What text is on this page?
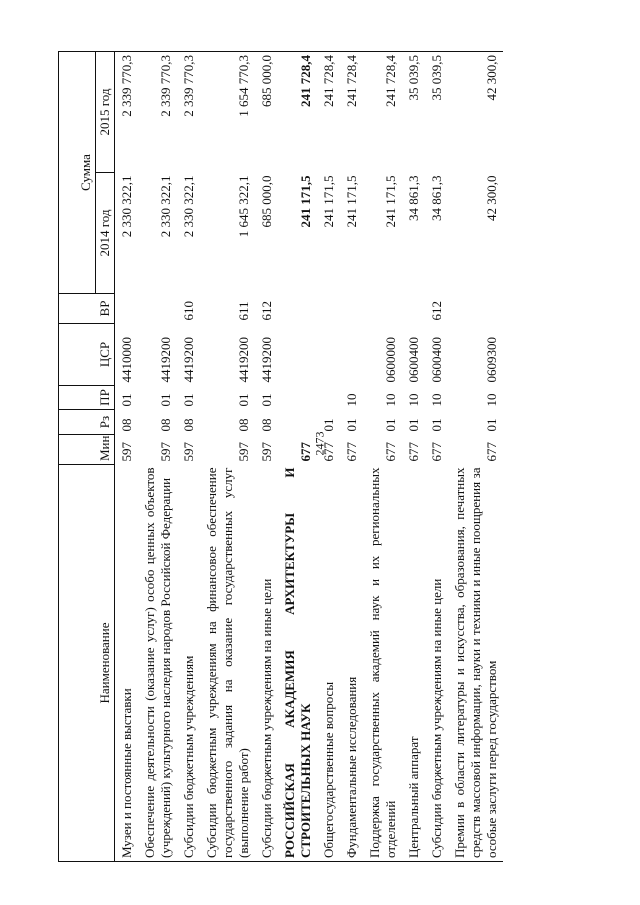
2473
Наименование	Мин	Рз	ПР	ЦСР	ВР	Сумма	
						2014 год	2015 год
Музеи и постоянные выставки	597	08	01	4410000		2 330 322,1	2 339 770,3
Обеспечение деятельности (оказание услуг) особо ценных объектов (учреждений) культурного наследия народов Российской Федерации	597	08	01	4419200		2 330 322,1	2 339 770,3
Субсидии бюджетным учреждениям	597	08	01	4419200	610	2 330 322,1	2 339 770,3
Субсидии бюджетным учреждениям на финансовое обеспечение государственного задания на оказание государственных услуг (выполнение работ)	597	08	01	4419200	611	1 645 322,1	1 654 770,3
Субсидии бюджетным учреждениям на иные цели	597	08	01	4419200	612	685 000,0	685 000,0
РОССИЙСКАЯ АКАДЕМИЯ АРХИТЕКТУРЫ И СТРОИТЕЛЬНЫХ НАУК	677					241 171,5	241 728,4
Общегосударственные вопросы	677	01				241 171,5	241 728,4
Фундаментальные исследования	677	01	10			241 171,5	241 728,4
Поддержка государственных академий наук и их региональных отделений	677	01	10	0600000		241 171,5	241 728,4
Центральный аппарат	677	01	10	0600400		34 861,3	35 039,5
Субсидии бюджетным учреждениям на иные цели	677	01	10	0600400	612	34 861,3	35 039,5
Премии в области литературы и искусства, образования, печатных средств массовой информации, науки и техники и иные поощрения за особые заслуги перед государством	677	01	10	0609300		42 300,0	42 300,0
